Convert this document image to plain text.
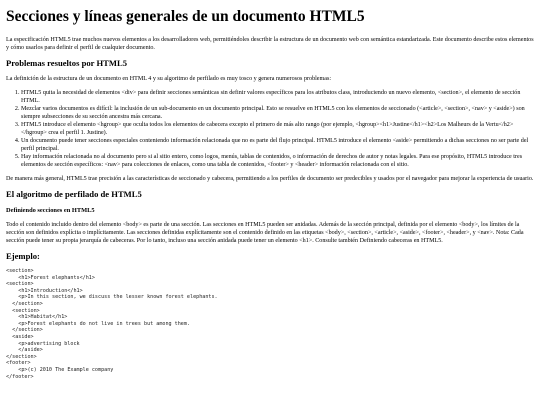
Secciones y líneas generales de un documento HTML5

La especificación HTML5 trae muchos nuevos elementos a los desarrolladores web, permitiéndoles describir la estructura de un documento web con semántica estandarizada. Este documento describe estos elementos y cómo usarlos para definir el perfil de cualquier documento.

Problemas resueltos por HTML5

La definición de la estructura de un documento en HTML 4 y su algoritmo de perfilado es muy tosco y genera numerosos problemas:

1. HTML5 quita la necesidad de elementos <div> para definir secciones semánticas sin definir valores específicos para los atributos class, introduciendo un nuevo elemento, <section>, el elemento de sección HTML.
2. Mezclar varios documentos es difícil: la inclusión de un sub-documento en un documento principal. Esto se resuelve en HTML5 con los elementos de seccionado (<article>, <section>, <nav> y <aside>) son siempre subsecciones de su sección ancestra más cercana.
3. HTML5 introduce el elemento <hgroup> que oculta todos los elementos de cabecera excepto el primero de más alto rango (por ejemplo, <hgroup><h1>Justine</h1><h2>Los Malheurs de la Vertu</h2></hgroup> crea el perfil 1. Justine).
4. Un documento puede tener secciones especiales conteniendo información relacionada que no es parte del flujo principal. HTML5 introduce el elemento <aside> permitiendo a dichas secciones no ser parte del perfil principal.
5. Hay información relacionada no al documento pero si al sitio entero, como logos, menús, tablas de contenidos, o información de derechos de autor y notas legales. Para ese propósito, HTML5 introduce tres elementos de sección específicos: <nav> para colecciones de enlaces, como una tabla de contenidos, <footer> y <header> información relacionada con el sitio.

De manera más general, HTML5 trae precisión a las características de seccionado y cabecera, permitiendo a los perfiles de documento ser predecibles y usados por el navegador para mejorar la experiencia de usuario.

El algoritmo de perfilado de HTML5
Definiendo secciones en HTML5

Todo el contenido incluido dentro del elemento <body> es parte de una sección. Las secciones en HTML5 pueden ser anidadas. Además de la sección principal, definida por el elemento <body>, los límites de la sección son definidos explícita o implícitamente. Las secciones definidas explícitamente son el contenido definido en las etiquetas <body>, <section>, <article>, <aside>, <footer>, <header>, y <nav>. Nota: Cada sección puede tener su propia jerarquía de cabeceras. Por lo tanto, incluso una sección anidada puede tener un elemento <h1>. Consulte también Definiendo cabeceras en HTML5.

Ejemplo:
<section>
<h1>Forest elephants</h1>
<section>
<h1>Introduction</h1>
<p>In this section, we discuss the lesser known forest elephants.
</section>
<section>
<h1>Habitat</h1>
<p>Forest elephants do not live in trees but among them.
</section>
<aside>
<p>advertising block
</aside>
</section>
<footer>
<p>(c) 2010 The Example company
</footer>
